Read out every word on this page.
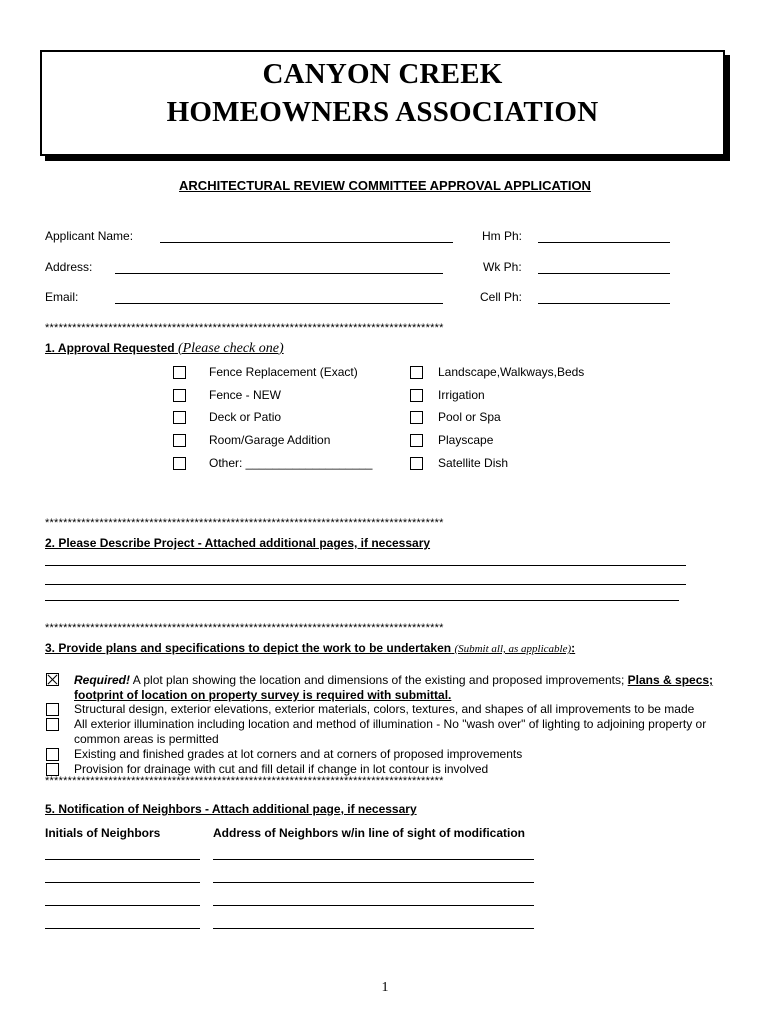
CANYON CREEK
HOMEOWNERS ASSOCIATION
ARCHITECTURAL REVIEW COMMITTEE APPROVAL APPLICATION
Applicant Name:	Hm Ph:
Address:	Wk Ph:
Email:	Cell Ph:
****************************************************************************************
1. Approval Requested (Please check one)
Fence Replacement (Exact)
Fence - NEW
Deck or Patio
Room/Garage Addition
Other: ___________________
Landscape,Walkways,Beds
Irrigation
Pool or Spa
Playscape
Satellite Dish
****************************************************************************************
2. Please Describe Project - Attached additional pages, if necessary
****************************************************************************************
3. Provide plans and specifications to depict the work to be undertaken (Submit all, as applicable):
Required! A plot plan showing the location and dimensions of the existing and proposed improvements; Plans & specs; footprint of location on property survey is required with submittal.
Structural design, exterior elevations, exterior materials, colors, textures, and shapes of all improvements to be made
All exterior illumination including location and method of illumination - No "wash over" of lighting to adjoining property or common areas is permitted
Existing and finished grades at lot corners and at corners of proposed improvements
Provision for drainage with cut and fill detail if change in lot contour is involved
****************************************************************************************
5. Notification of Neighbors - Attach additional page, if necessary
Initials of Neighbors	Address of Neighbors w/in line of sight of modification
1
